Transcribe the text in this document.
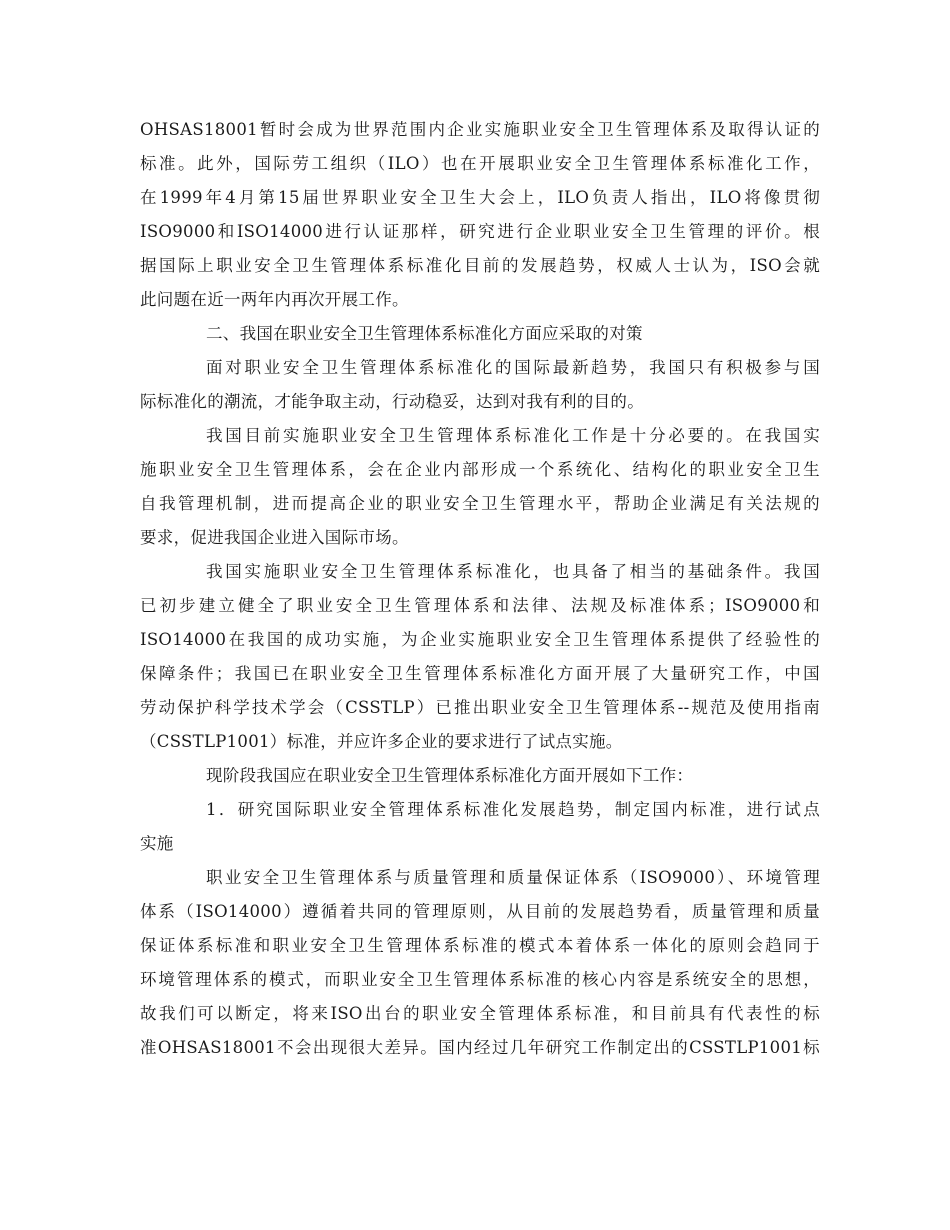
OHSAS18001暂时会成为世界范围内企业实施职业安全卫生管理体系及取得认证的
标准。此外，国际劳工组织（ILO）也在开展职业安全卫生管理体系标准化工作，
在1999年4月第15届世界职业安全卫生大会上，ILO负责人指出，ILO将像贯彻
ISO9000和ISO14000进行认证那样，研究进行企业职业安全卫生管理的评价。根
据国际上职业安全卫生管理体系标准化目前的发展趋势，权威人士认为，ISO会就
此问题在近一两年内再次开展工作。
二、我国在职业安全卫生管理体系标准化方面应采取的对策
面对职业安全卫生管理体系标准化的国际最新趋势，我国只有积极参与国
际标准化的潮流，才能争取主动，行动稳妥，达到对我有利的目的。
我国目前实施职业安全卫生管理体系标准化工作是十分必要的。在我国实
施职业安全卫生管理体系，会在企业内部形成一个系统化、结构化的职业安全卫生
自我管理机制，进而提高企业的职业安全卫生管理水平，帮助企业满足有关法规的
要求，促进我国企业进入国际市场。
我国实施职业安全卫生管理体系标准化，也具备了相当的基础条件。我国
已初步建立健全了职业安全卫生管理体系和法律、法规及标准体系；ISO9000和
ISO14000在我国的成功实施，为企业实施职业安全卫生管理体系提供了经验性的
保障条件；我国已在职业安全卫生管理体系标准化方面开展了大量研究工作，中国
劳动保护科学技术学会（CSSTLP）已推出职业安全卫生管理体系--规范及使用指南
（CSSTLP1001）标准，并应许多企业的要求进行了试点实施。
现阶段我国应在职业安全卫生管理体系标准化方面开展如下工作：
1．研究国际职业安全管理体系标准化发展趋势，制定国内标准，进行试点
实施
职业安全卫生管理体系与质量管理和质量保证体系（ISO9000）、环境管理
体系（ISO14000）遵循着共同的管理原则，从目前的发展趋势看，质量管理和质量
保证体系标准和职业安全卫生管理体系标准的模式本着体系一体化的原则会趋同于
环境管理体系的模式，而职业安全卫生管理体系标准的核心内容是系统安全的思想，
故我们可以断定，将来ISO出台的职业安全管理体系标准，和目前具有代表性的标
准OHSAS18001不会出现很大差异。国内经过几年研究工作制定出的CSSTLP1001标
